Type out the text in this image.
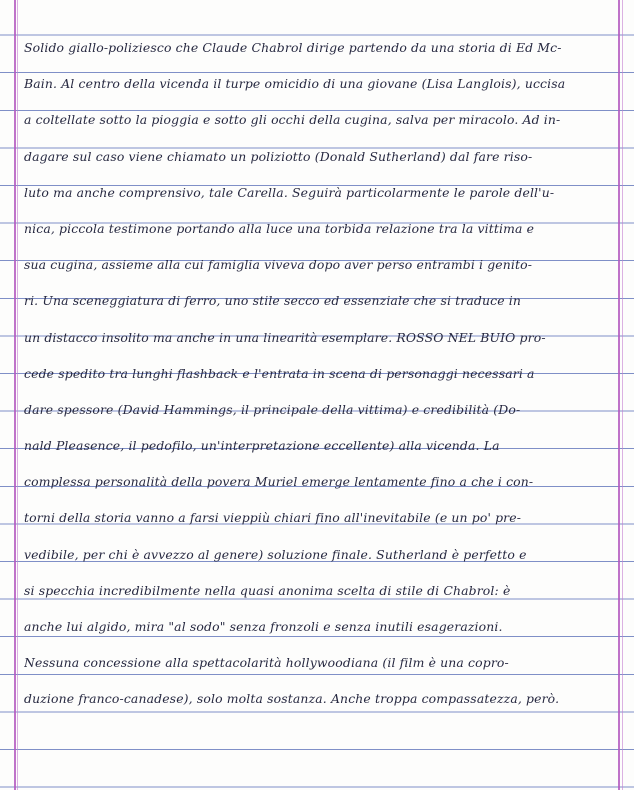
Solido giallo-poliziesco che Claude Chabrol dirige partendo da una storia di Ed Mc-
Bain. Al centro della vicenda il turpe omicidio di una giovane (Lisa Langlois), uccisa
a coltellate sotto la pioggia e sotto gli occhi della cugina, salva per miracolo. Ad in-
dagare sul caso viene chiamato un poliziotto (Donald Sutherland) dal fare riso-
luto ma anche comprensivo, tale Carella. Seguirà particolarmente le parole dell'u-
nica, piccola testimone portando alla luce una torbida relazione tra la vittima e
sua cugina, assieme alla cui famiglia viveva dopo aver perso entrambi i genito-
ri. Una sceneggiatura di ferro, uno stile secco ed essenziale che si traduce in
un distacco insolito ma anche in una linearità esemplare. ROSSO NEL BUIO pro-
cede spedito tra lunghi flashback e l'entrata in scena di personaggi necessari a
dare spessore (David Hammings, il principale della vittima) e credibilità (Do-
nald Pleasence, il pedofilo, un'interpretazione eccellente) alla vicenda. La
complessa personalità della povera Muriel emerge lentamente fino a che i con-
torni della storia vanno a farsi vieppiù chiari fino all'inevitabile (e un po' pre-
vedibile, per chi è avvezzo al genere) soluzione finale. Sutherland è perfetto e
si specchia incredibilmente nella quasi anonima scelta di stile di Chabrol: è
anche lui algido, mira "al sodo" senza fronzoli e senza inutili esagerazioni.
Nessuna concessione alla spettacolarità hollywoodiana (il film è una copro-
duzione franco-canadese), solo molta sostanza. Anche troppa compassatezza, però.
